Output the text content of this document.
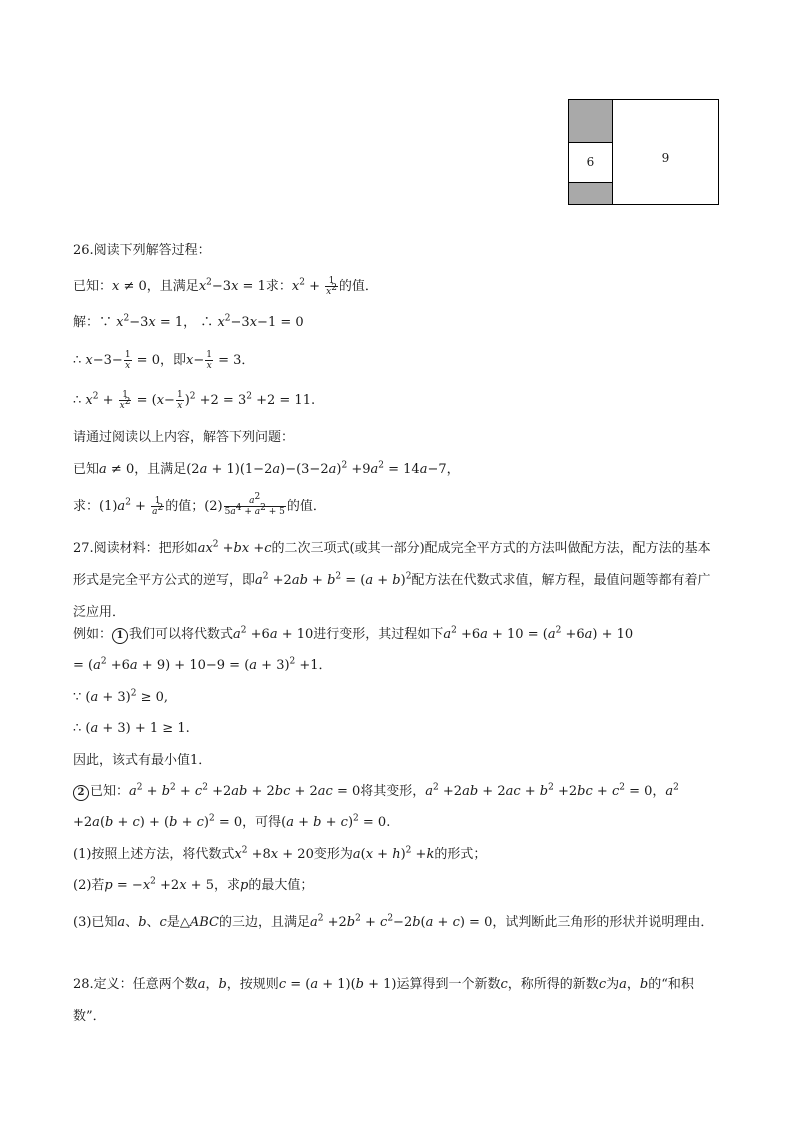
6	9
26.阅读下列解答过程：
已知：x ≠ 0，且满足$x^2-3x = 1$求：$x^2 + \frac{1}{x^2}$ 的值．
解：∵ $x^2-3x = 1$， ∴ $x^2-3x-1 = 0$
∴ $x-3- \frac{1}{x} = 0$，即$x- \frac{1}{x} = 3$．
∴ $x^2 + \frac{1}{x^2} = (x- \frac{1}{x} )^2 +2 = 3^2 +2 = 11$.
请通过阅读以上内容，解答下列问题：
已知a ≠ 0，且满足$(2a + 1)(1-2a)-(3-2a)^2 +9a^2 = 14a-7$，
求：$(1)a^2 + \frac{1}{a^2}$ 的值；$(2) \frac{a^2}{5a^4 + a^2 + 5}$ 的值．
27.阅读材料：把形如$ax^2 +bx +c$的二次三项式(或其一部分)配成完全平方式的方法叫做配方法，配方法的基本形式是完全平方公式的逆写，即$a^2 +2ab + b^2 = (a + b)^2$配方法在代数式求值，解方程，最值问题等都有着广泛应用．
例如： 1 我们可以将代数式$a^2 +6a + 10$进行变形，其过程如下$a^2 +6a + 10 = (a^2 +6a) + 10$
= $(a^2 +6a + 9) + 10-9 = (a + 3)^2 +1$．
∵ $(a + 3)^2 \ge 0$,
∴ (a + 3) + 1 ≥ 1.
因此，该式有最小值1．
2 已知：$a^2 + b^2 + c^2 +2ab + 2bc + 2ac = 0$将其变形，$a^2 +2ab + 2ac + b^2 +2bc + c^2 = 0$，$a^2$
$+2a(b + c) + (b + c)^2 = 0$，可得$(a + b + c)^2 = 0$.
(1)按照上述方法，将代数式$x^2 +8x + 20$变形为$a(x + h)^2 +k$的形式；
(2)若$p = -x^2 +2x + 5$，求p的最大值；
(3)已知a、b、c是△ABC的三边，且满足$a^2 +2b^2 + c^2-2b(a + c) = 0$，试判断此三角形的形状并说明理由．
28.定义：任意两个数a，b，按规则c = (a + 1)(b + 1)运算得到一个新数c，称所得的新数c为a，b的“和积数”．
